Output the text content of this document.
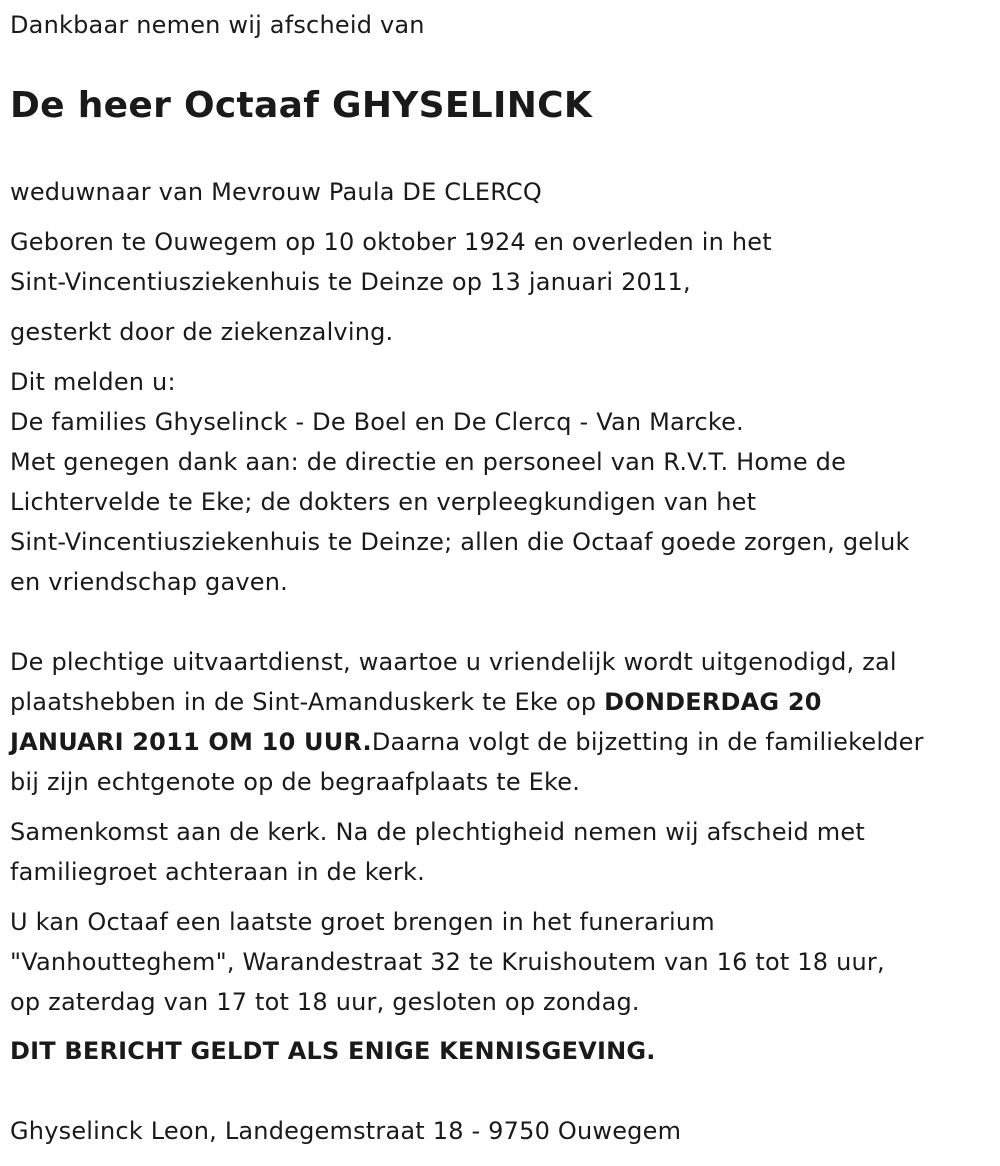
Dankbaar nemen wij afscheid van
De heer Octaaf GHYSELINCK
weduwnaar van Mevrouw Paula DE CLERCQ
Geboren te Ouwegem op 10 oktober 1924 en overleden in het
Sint-Vincentiusziekenhuis te Deinze op 13 januari 2011,
gesterkt door de ziekenzalving.
Dit melden u:
De families Ghyselinck - De Boel en De Clercq - Van Marcke.
Met genegen dank aan: de directie en personeel van R.V.T. Home de
Lichtervelde te Eke; de dokters en verpleegkundigen van het
Sint-Vincentiusziekenhuis te Deinze; allen die Octaaf goede zorgen, geluk
en vriendschap gaven.
De plechtige uitvaartdienst, waartoe u vriendelijk wordt uitgenodigd, zal
plaatshebben in de Sint-Amanduskerk te Eke op DONDERDAG 20
JANUARI 2011 OM 10 UUR.Daarna volgt de bijzetting in de familiekelder
bij zijn echtgenote op de begraafplaats te Eke.
Samenkomst aan de kerk. Na de plechtigheid nemen wij afscheid met
familiegroet achteraan in de kerk.
U kan Octaaf een laatste groet brengen in het funerarium
"Vanhoutteghem", Warandestraat 32 te Kruishoutem van 16 tot 18 uur,
op zaterdag van 17 tot 18 uur, gesloten op zondag.
DIT BERICHT GELDT ALS ENIGE KENNISGEVING.
Ghyselinck Leon, Landegemstraat 18 - 9750 Ouwegem
